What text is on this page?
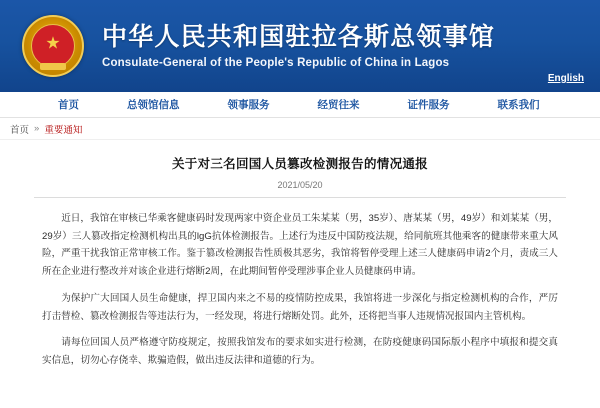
★ 中华人民共和国驻拉各斯总领事馆
Consulate-General of the People's Republic of China in Lagos
English
首页	总领馆信息	领事服务	经贸往来	证件服务	联系我们
首页 » 重要通知
关于对三名回国人员篡改检测报告的情况通报
2021/05/20

近日，我馆在审核已华乘客健康码时发现两家中资企业员工朱某某（男，35岁）、唐某某（男，49岁）和刘某某（男，29岁）三人篡改指定检测机构出具的lgG抗体检测报告。上述行为违反中国防疫法规，给同航班其他乘客的健康带来重大风险，严重干扰我馆正常审核工作。鉴于篡改检测报告性质极其恶劣，我馆将暂停受理上述三人健康码申请2个月，责成三人所在企业进行整改并对该企业进行熔断2周，在此期间暂停受理涉事企业人员健康码申请。

为保护广大回国人员生命健康，捍卫国内来之不易的疫情防控成果，我馆将进一步深化与指定检测机构的合作，严厉打击替检、篡改检测报告等违法行为，一经发现，将进行熔断处罚。此外，还将把当事人违规情况报国内主管机构。

请每位回国人员严格遵守防疫规定，按照我馆发布的要求如实进行检测，在防疫健康码国际版小程序中填报和提交真实信息，切勿心存侥幸、欺骗造假，做出违反法律和道德的行为。
